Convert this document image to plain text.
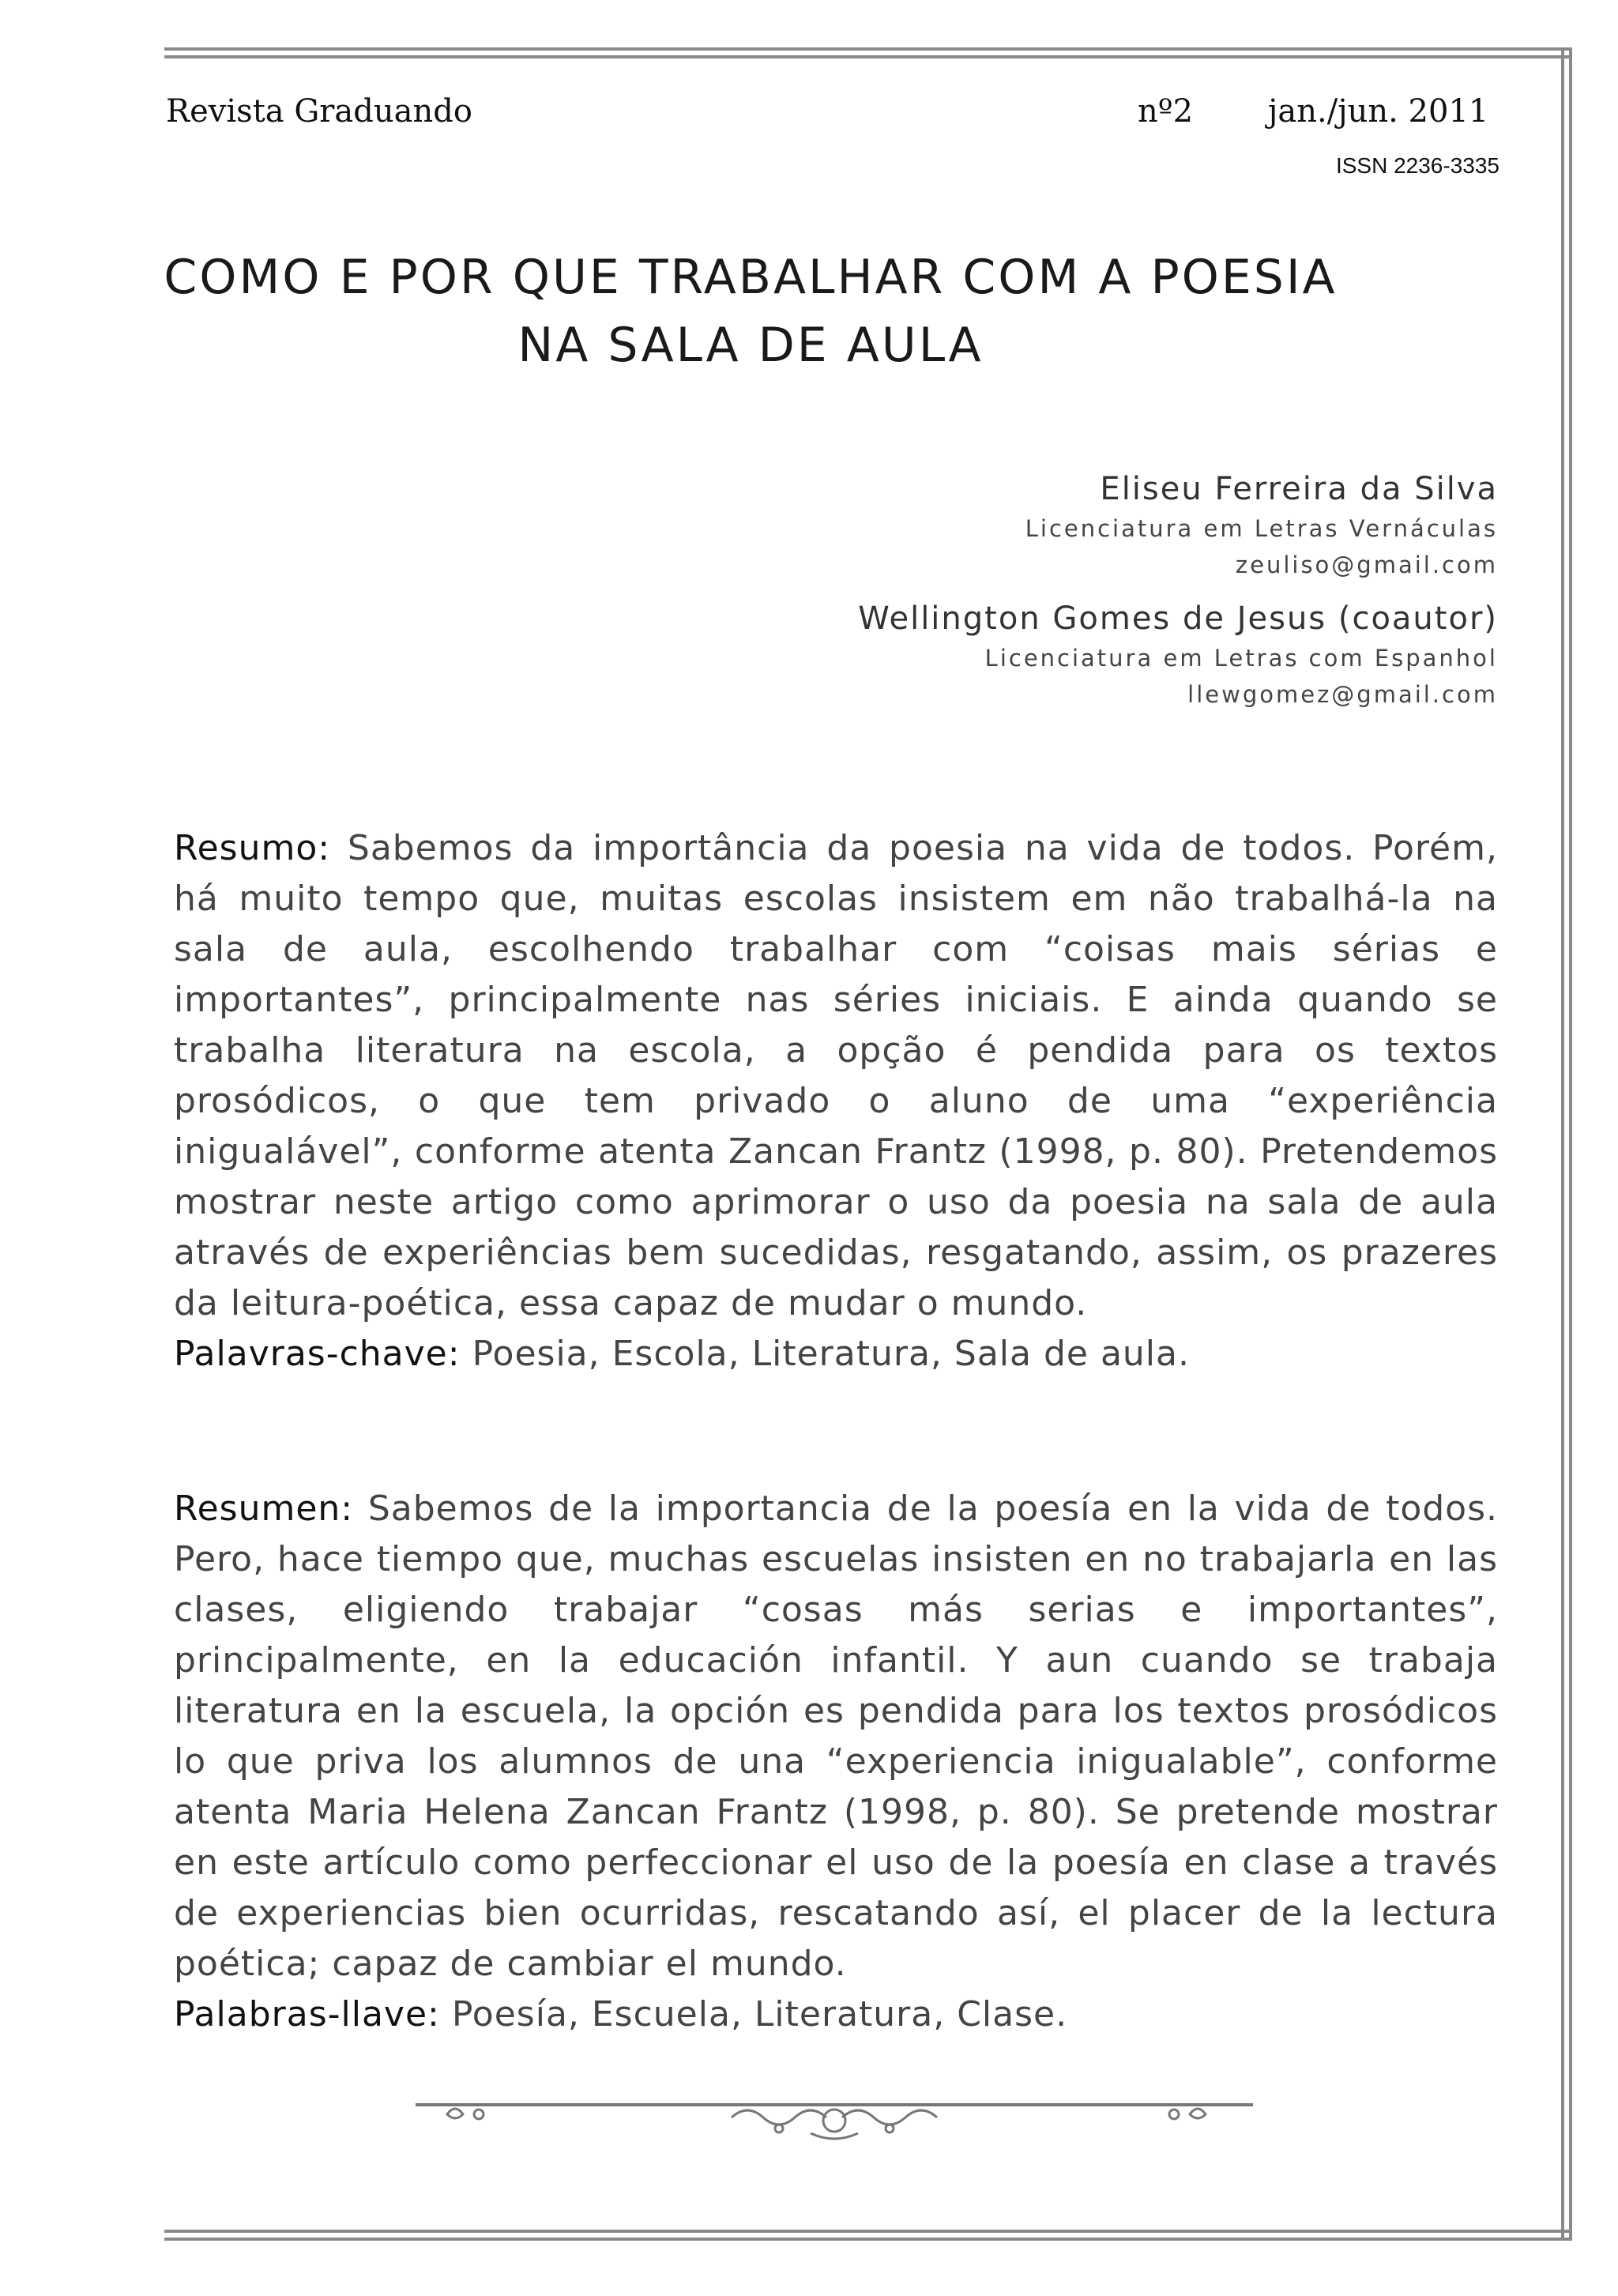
Revista Graduando	nº2 jan./jun. 2011
ISSN 2236-3335
COMO E POR QUE TRABALHAR COM A POESIA NA SALA DE AULA
Eliseu Ferreira da Silva
Licenciatura em Letras Vernáculas
zeuliso@gmail.com
Wellington Gomes de Jesus (coautor)
Licenciatura em Letras com Espanhol
llewgomez@gmail.com
Resumo: Sabemos da importância da poesia na vida de todos. Porém, há muito tempo que, muitas escolas insistem em não trabalhá-la na sala de aula, escolhendo trabalhar com “coisas mais sérias e importantes”, principalmente nas séries iniciais. E ainda quando se trabalha literatura na escola, a opção é pendida para os textos prosódicos, o que tem privado o aluno de uma “experiência inigualável”, conforme atenta Zancan Frantz (1998, p. 80). Pretendemos mostrar neste artigo como aprimorar o uso da poesia na sala de aula através de experiências bem sucedidas, resgatando, assim, os prazeres da leitura-poética, essa capaz de mudar o mundo.
Palavras-chave: Poesia, Escola, Literatura, Sala de aula.
Resumen: Sabemos de la importancia de la poesía en la vida de todos. Pero, hace tiempo que, muchas escuelas insisten en no trabajarla en las clases, eligiendo trabajar “cosas más serias e importantes”, principalmente, en la educación infantil. Y aun cuando se trabaja literatura en la escuela, la opción es pendida para los textos prosódicos lo que priva los alumnos de una “experiencia inigualable”, conforme atenta Maria Helena Zancan Frantz (1998, p. 80). Se pretende mostrar en este artículo como perfeccionar el uso de la poesía en clase a través de experiencias bien ocurridas, rescatando así, el placer de la lectura poética; capaz de cambiar el mundo.
Palabras-llave: Poesía, Escuela, Literatura, Clase.
